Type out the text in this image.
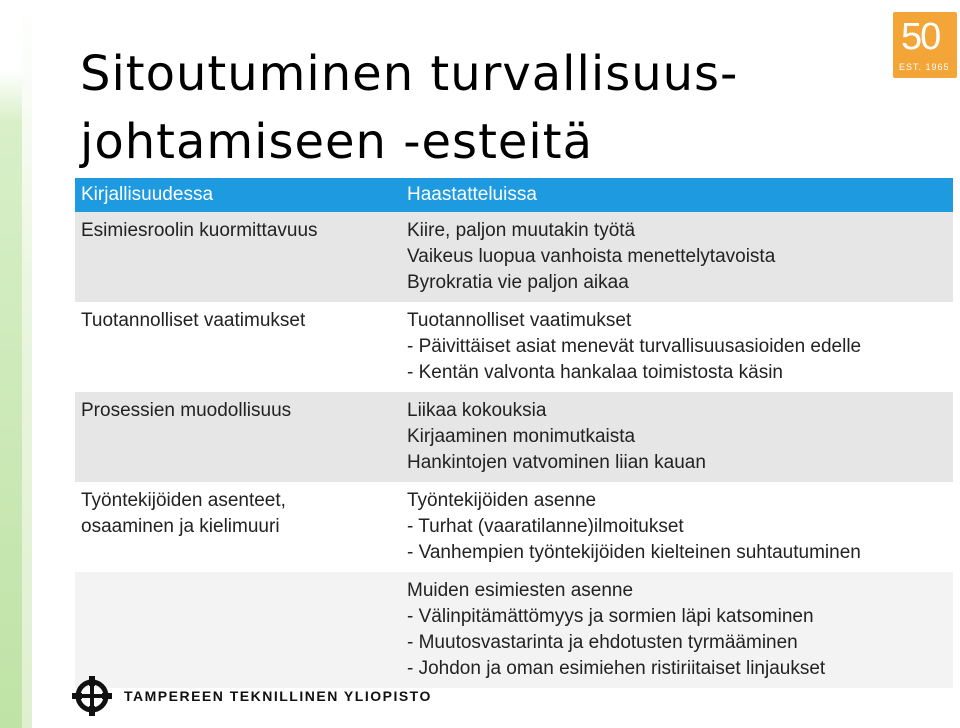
Sitoutuminen turvallisuus-
johtamiseen -esteitä
50
EST. 1965
Kirjallisuudessa	Haastatteluissa

Esimiesroolin kuormittavuus	Kiire, paljon muutakin työtä
Vaikeus luopua vanhoista menettelytavoista
Byrokratia vie paljon aikaa

Tuotannolliset vaatimukset	Tuotannolliset vaatimukset
- Päivittäiset asiat menevät turvallisuusasioiden edelle
- Kentän valvonta hankalaa toimistosta käsin

Prosessien muodollisuus	Liikaa kokouksia
Kirjaaminen monimutkaista
Hankintojen vatvominen liian kauan

Työntekijöiden asenteet,
osaaminen ja kielimuuri	Työntekijöiden asenne
- Turhat (vaaratilanne)ilmoitukset
- Vanhempien työntekijöiden kielteinen suhtautuminen

	Muiden esimiesten asenne
- Välinpitämättömyys ja sormien läpi katsominen
- Muutosvastarinta ja ehdotusten tyrmääminen
- Johdon ja oman esimiehen ristiriitaiset linjaukset
TAMPEREEN TEKNILLINEN YLIOPISTO
